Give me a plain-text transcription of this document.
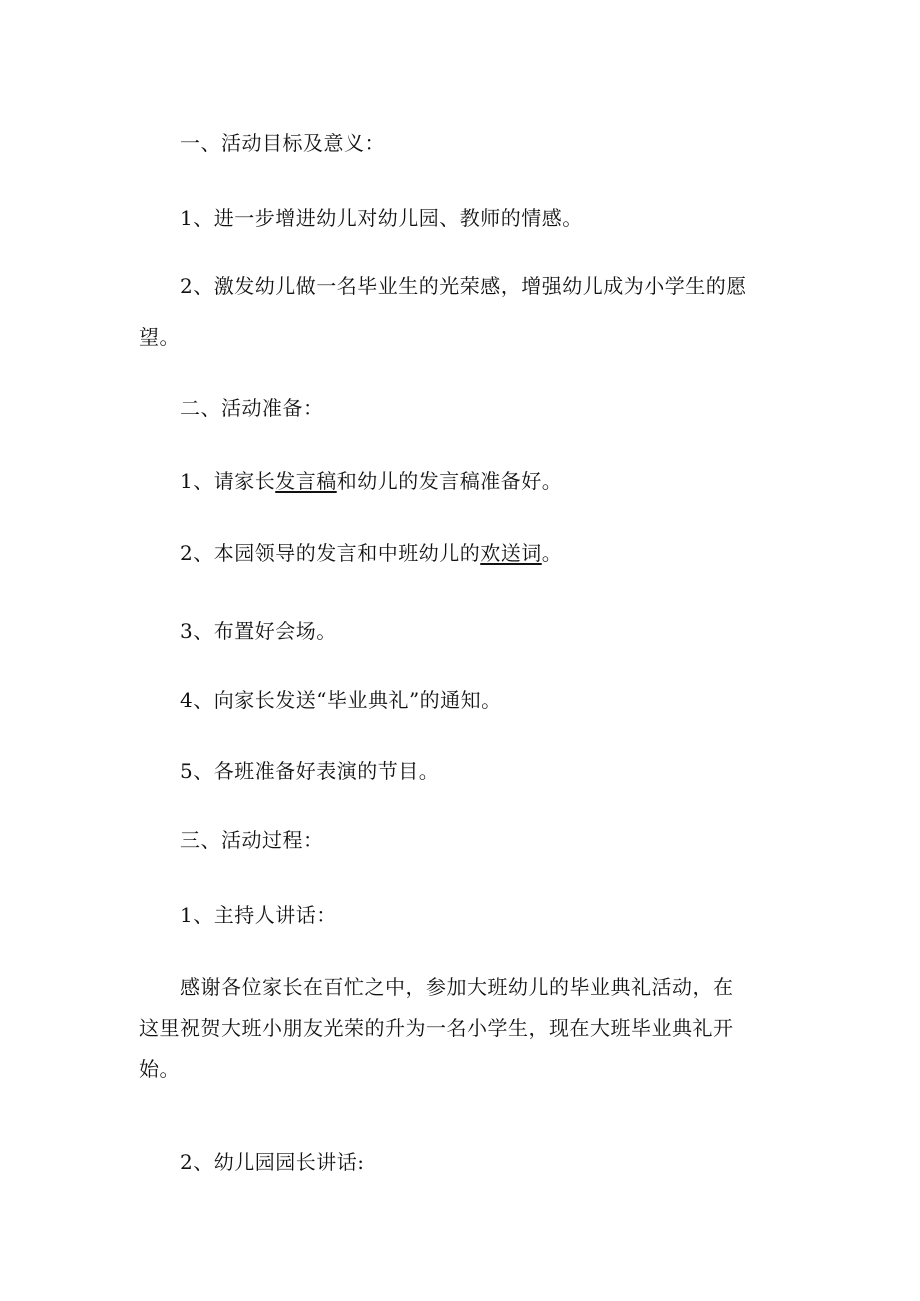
一、活动目标及意义：
1、进一步增进幼儿对幼儿园、教师的情感。
2、激发幼儿做一名毕业生的光荣感，增强幼儿成为小学生的愿
望。
二、活动准备：
1、请家长发言稿和幼儿的发言稿准备好。
2、本园领导的发言和中班幼儿的欢送词。
3、布置好会场。
4、向家长发送“毕业典礼”的通知。
5、各班准备好表演的节目。
三、活动过程：
1、主持人讲话：
感谢各位家长在百忙之中，参加大班幼儿的毕业典礼活动，在
这里祝贺大班小朋友光荣的升为一名小学生，现在大班毕业典礼开
始。
2、幼儿园园长讲话:
